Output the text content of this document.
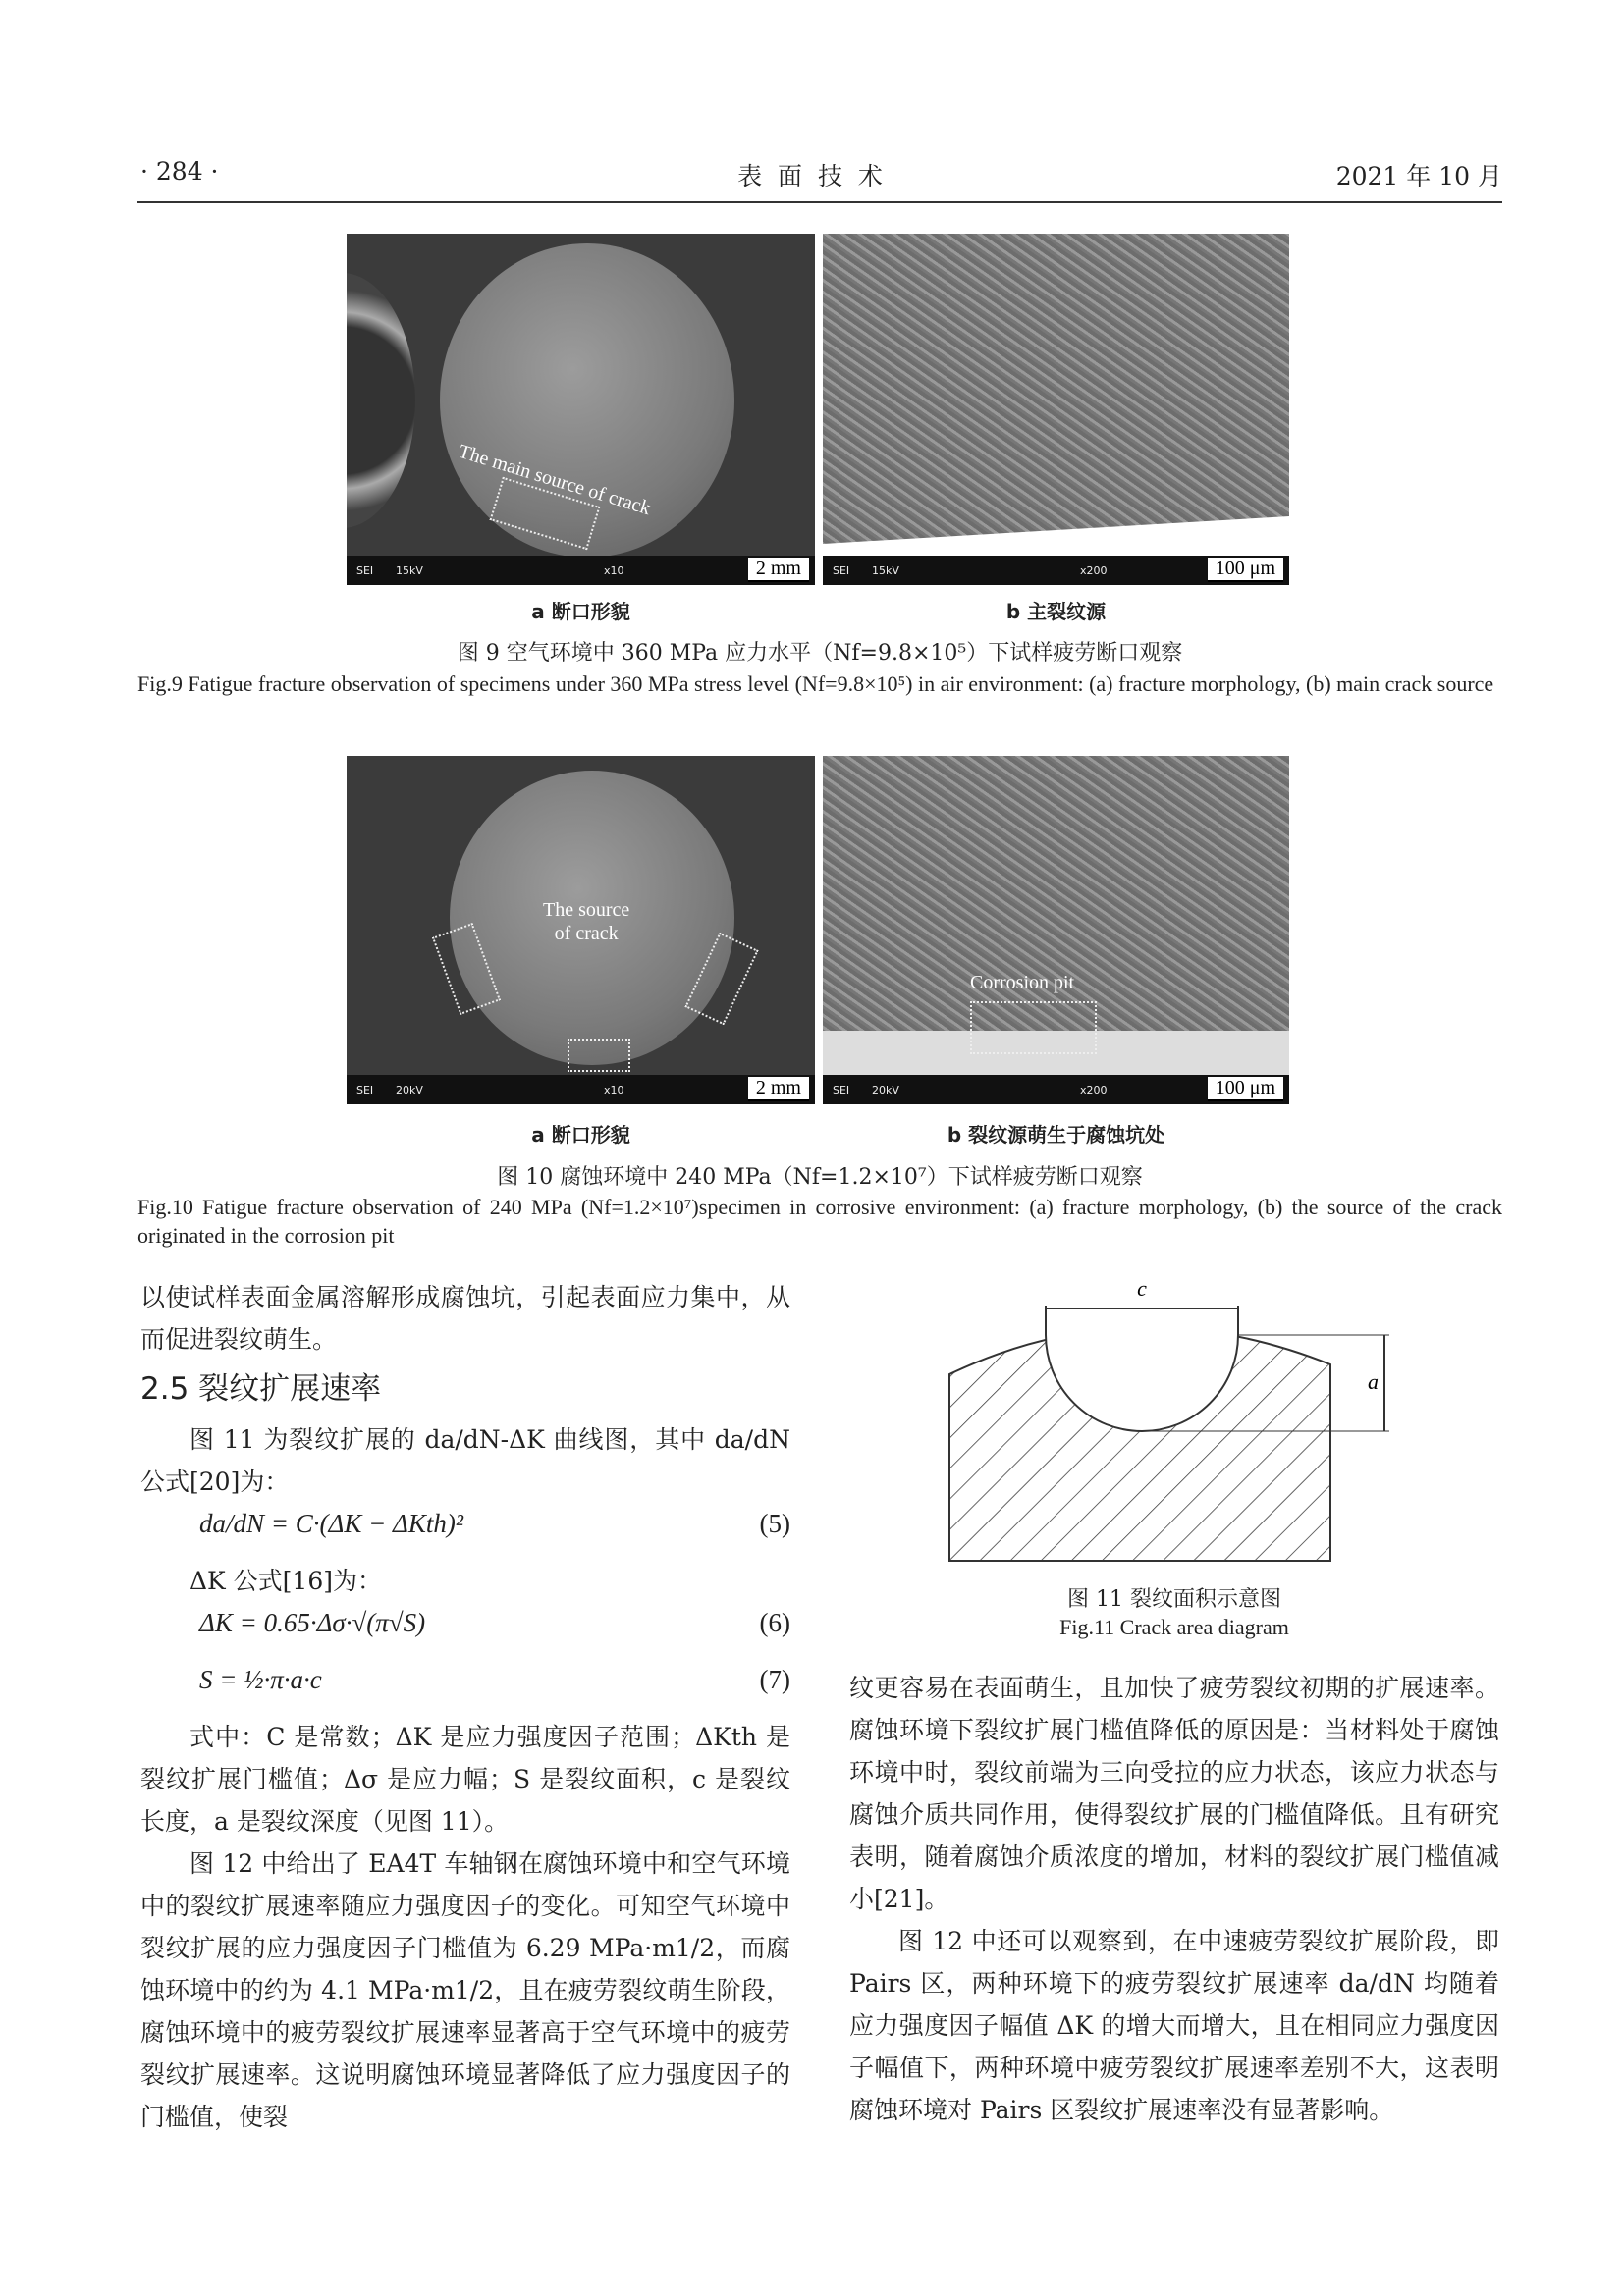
· 284 ·	表 面 技 术	2021 年 10 月
The main source of crack
SEI 15kV	x10	2 mm	SEI 15kV	x200	100 μm
a 断口形貌	b 主裂纹源
图 9 空气环境中 360 MPa 应力水平（Nf=9.8×10⁵）下试样疲劳断口观察
Fig.9 Fatigue fracture observation of specimens under 360 MPa stress level (Nf=9.8×10⁵) in air environment: (a) fracture morphology, (b) main crack source
The source
of crack
SEI 20kV	x10	2 mm
Corrosion pit
SEI 20kV	x200	100 μm
a 断口形貌	b 裂纹源萌生于腐蚀坑处
图 10 腐蚀环境中 240 MPa（Nf=1.2×10⁷）下试样疲劳断口观察
Fig.10 Fatigue fracture observation of 240 MPa (Nf=1.2×10⁷)specimen in corrosive environment: (a) fracture morphology, (b) the source of the crack originated in the corrosion pit
以使试样表面金属溶解形成腐蚀坑，引起表面应力集中，从而促进裂纹萌生。
2.5 裂纹扩展速率

图 11 为裂纹扩展的 da/dN-ΔK 曲线图，其中 da/dN 公式[20]为：

da/dN = C·(ΔK − ΔKth)²	(5)

ΔK 公式[16]为：

ΔK = 0.65·Δσ·√(π√S)	(6)
S = ½·π·a·c	(7)

式中：C 是常数；ΔK 是应力强度因子范围；ΔKth 是裂纹扩展门槛值；Δσ 是应力幅；S 是裂纹面积，c 是裂纹长度，a 是裂纹深度（见图 11）。

图 12 中给出了 EA4T 车轴钢在腐蚀环境中和空气环境中的裂纹扩展速率随应力强度因子的变化。可知空气环境中裂纹扩展的应力强度因子门槛值为 6.29 MPa·m1/2，而腐蚀环境中的约为 4.1 MPa·m1/2，且在疲劳裂纹萌生阶段，腐蚀环境中的疲劳裂纹扩展速率显著高于空气环境中的疲劳裂纹扩展速率。这说明腐蚀环境显著降低了应力强度因子的门槛值，使裂

c
a
图 11 裂纹面积示意图
Fig.11 Crack area diagram
纹更容易在表面萌生，且加快了疲劳裂纹初期的扩展速率。腐蚀环境下裂纹扩展门槛值降低的原因是：当材料处于腐蚀环境中时，裂纹前端为三向受拉的应力状态，该应力状态与腐蚀介质共同作用，使得裂纹扩展的门槛值降低。且有研究表明，随着腐蚀介质浓度的增加，材料的裂纹扩展门槛值减小[21]。

图 12 中还可以观察到，在中速疲劳裂纹扩展阶段，即 Pairs 区，两种环境下的疲劳裂纹扩展速率 da/dN 均随着应力强度因子幅值 ΔK 的增大而增大，且在相同应力强度因子幅值下，两种环境中疲劳裂纹扩展速率差别不大，这表明腐蚀环境对 Pairs 区裂纹扩展速率没有显著影响。
